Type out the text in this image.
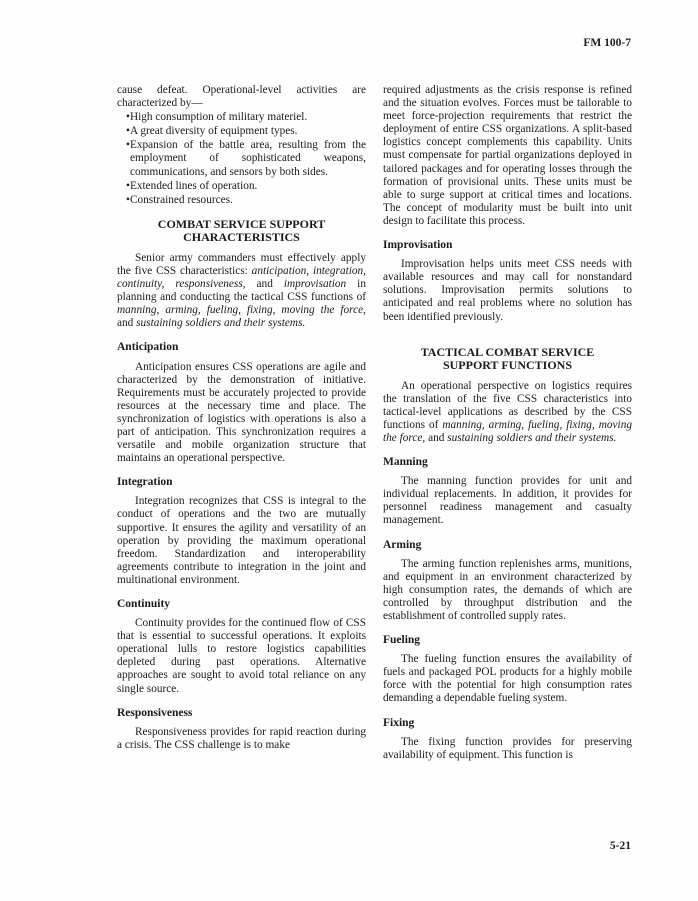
FM 100-7

cause defeat. Operational-level activities are characterized by—

•High consumption of military materiel.

•A great diversity of equipment types.

•Expansion of the battle area, resulting from the employment of sophisticated weapons, communications, and sensors by both sides.

•Extended lines of operation.

•Constrained resources.

COMBAT SERVICE SUPPORT
CHARACTERISTICS

Senior army commanders must effectively apply the five CSS characteristics: anticipation, integration, continuity, responsiveness, and improvisation in planning and conducting the tactical CSS functions of manning, arming, fueling, fixing, moving the force, and sustaining soldiers and their systems.

Anticipation

Anticipation ensures CSS operations are agile and characterized by the demonstration of initiative. Requirements must be accurately projected to provide resources at the necessary time and place. The synchronization of logistics with operations is also a part of anticipation. This synchronization requires a versatile and mobile organization structure that maintains an operational perspective.

Integration

Integration recognizes that CSS is integral to the conduct of operations and the two are mutually supportive. It ensures the agility and versatility of an operation by providing the maximum operational freedom. Standardization and interoperability agreements contribute to integration in the joint and multinational environment.

Continuity

Continuity provides for the continued flow of CSS that is essential to successful operations. It exploits operational lulls to restore logistics capabilities depleted during past operations. Alternative approaches are sought to avoid total reliance on any single source.

Responsiveness

Responsiveness provides for rapid reaction during a crisis. The CSS challenge is to make

required adjustments as the crisis response is refined and the situation evolves. Forces must be tailorable to meet force-projection requirements that restrict the deployment of entire CSS organizations. A split-based logistics concept complements this capability. Units must compensate for partial organizations deployed in tailored packages and for operating losses through the formation of provisional units. These units must be able to surge support at critical times and locations. The concept of modularity must be built into unit design to facilitate this process.

Improvisation

Improvisation helps units meet CSS needs with available resources and may call for nonstandard solutions. Improvisation permits solutions to anticipated and real problems where no solution has been identified previously.

TACTICAL COMBAT SERVICE
SUPPORT FUNCTIONS

An operational perspective on logistics requires the translation of the five CSS characteristics into tactical-level applications as described by the CSS functions of manning, arming, fueling, fixing, moving the force, and sustaining soldiers and their systems.

Manning

The manning function provides for unit and individual replacements. In addition, it provides for personnel readiness management and casualty management.

Arming

The arming function replenishes arms, munitions, and equipment in an environment characterized by high consumption rates, the demands of which are controlled by throughput distribution and the establishment of controlled supply rates.

Fueling

The fueling function ensures the availability of fuels and packaged POL products for a highly mobile force with the potential for high consumption rates demanding a dependable fueling system.

Fixing

The fixing function provides for preserving availability of equipment. This function is

5-21
